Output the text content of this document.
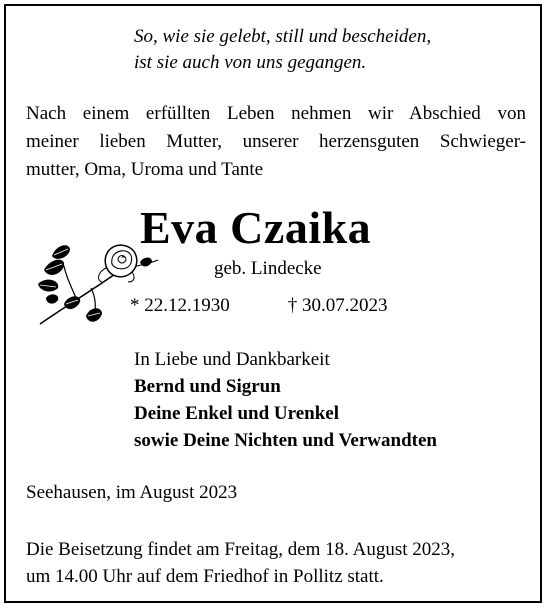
So, wie sie gelebt, still und bescheiden,
ist sie auch von uns gegangen.
Nach einem erfüllten Leben nehmen wir Abschied von
meiner lieben Mutter, unserer herzensguten Schwieger-
mutter, Oma, Uroma und Tante
Eva Czaika
geb. Lindecke
* 22.12.1930	† 30.07.2023
In Liebe und Dankbarkeit
Bernd und Sigrun
Deine Enkel und Urenkel
sowie Deine Nichten und Verwandten
Seehausen, im August 2023
Die Beisetzung findet am Freitag, dem 18. August 2023,
um 14.00 Uhr auf dem Friedhof in Pollitz statt.
